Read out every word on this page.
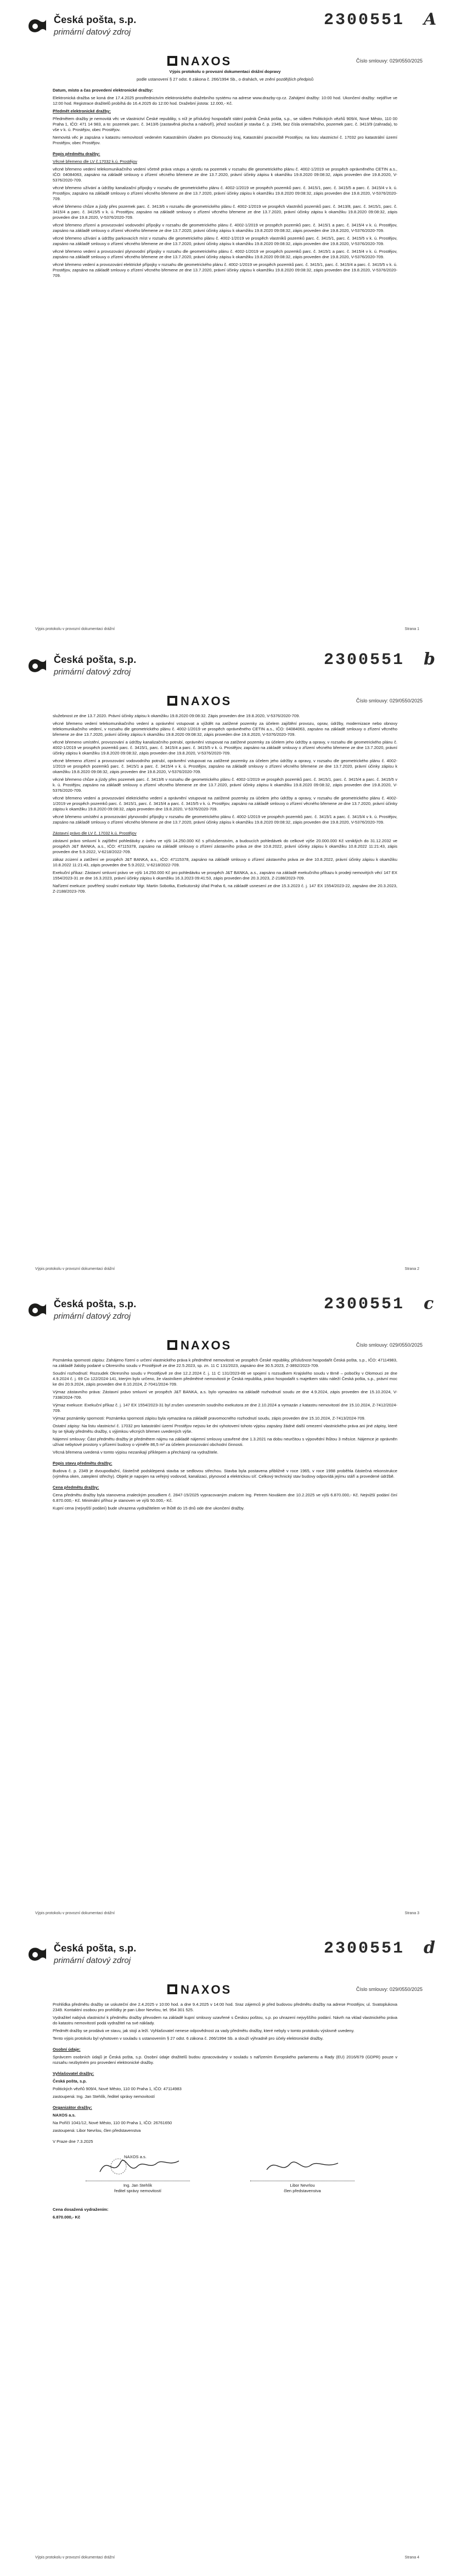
Česká pošta, s.p.
primární datový zdroj
2300551 A
NAXOS	Číslo smlouvy: 029/0550/2025

Výpis protokolu o provozní dokumentaci drážní dopravy

podle ustanovení § 27 odst. 6 zákona č. 266/1994 Sb., o drahách, ve znění pozdějších předpisů

Datum, místo a čas provedení elektronické dražby:

Elektronická dražba se koná dne 17.4.2025 prostřednictvím elektronického dražebního systému na adrese www.drazby-cp.cz. Zahájení dražby: 10:00 hod. Ukončení dražby: nejdříve ve 12:00 hod. Registrace dražitelů probíhá do 16.4.2025 do 12:00 hod. Dražební jistota: 12.000,- Kč.

Předmět elektronické dražby:

Předmětem dražby je nemovitá věc ve vlastnictví České republiky, s níž je příslušný hospodařit státní podnik Česká pošta, s.p., se sídlem Politických vězňů 909/4, Nové Město, 110 00 Praha 1, IČO: 471 14 983, a to: pozemek parc. č. 3413/6 (zastavěná plocha a nádvoří), jehož součástí je stavba č. p. 2349, bez čísla orientačního, pozemek parc. č. 3413/9 (zahrada), to vše v k. ú. Prostějov, obec Prostějov.

Nemovitá věc je zapsána v katastru nemovitostí vedeném Katastrálním úřadem pro Olomoucký kraj, Katastrální pracoviště Prostějov, na listu vlastnictví č. 17032 pro katastrální území Prostějov, obec Prostějov.

Popis předmětu dražby:

Věcné břemeno dle LV č.17032 k.ú. Prostějov

věcné břemeno vedení telekomunikačního vedení včetně práva vstupu a vjezdu na pozemek v rozsahu dle geometrického plánu č. 4002-1/2019 ve prospěch oprávněného CETIN a.s., IČO: 04084063, zapsáno na základě smlouvy o zřízení věcného břemene ze dne 13.7.2020, právní účinky zápisu k okamžiku 19.8.2020 09:08:32, zápis proveden dne 19.8.2020, V-5376/2020-709.

věcné břemeno užívání a údržby kanalizační přípojky v rozsahu dle geometrického plánu č. 4002-1/2019 ve prospěch pozemků parc. č. 3415/1, parc. č. 3415/5 a parc. č. 3415/4 v k. ú. Prostějov, zapsáno na základě smlouvy o zřízení věcného břemene ze dne 13.7.2020, právní účinky zápisu k okamžiku 19.8.2020 09:08:32, zápis proveden dne 19.8.2020, V-5376/2020-709.

věcné břemeno chůze a jízdy přes pozemek parc. č. 3413/6 v rozsahu dle geometrického plánu č. 4002-1/2019 ve prospěch vlastníků pozemků parc. č. 3413/8, parc. č. 3415/1, parc. č. 3415/4 a parc. č. 3415/5 v k. ú. Prostějov, zapsáno na základě smlouvy o zřízení věcného břemene ze dne 13.7.2020, právní účinky zápisu k okamžiku 19.8.2020 09:08:32, zápis proveden dne 19.8.2020, V-5376/2020-709.

věcné břemeno zřízení a provozování vodovodní přípojky v rozsahu dle geometrického plánu č. 4002-1/2019 ve prospěch pozemků parc. č. 3415/1 a parc. č. 3415/4 v k. ú. Prostějov, zapsáno na základě smlouvy o zřízení věcného břemene ze dne 13.7.2020, právní účinky zápisu k okamžiku 19.8.2020 09:08:32, zápis proveden dne 19.8.2020, V-5376/2020-709.

věcné břemeno užívání a údržby parkovacích míst v rozsahu dle geometrického plánu č. 4002-1/2019 ve prospěch vlastníků pozemků parc. č. 3415/1, parc. č. 3415/5 v k. ú. Prostějov, zapsáno na základě smlouvy o zřízení věcného břemene ze dne 13.7.2020, právní účinky zápisu k okamžiku 19.8.2020 09:08:32, zápis proveden dne 19.8.2020, V-5376/2020-709.

věcné břemeno vedení a provozování plynovodní přípojky v rozsahu dle geometrického plánu č. 4002-1/2019 ve prospěch pozemků parc. č. 3415/1 a parc. č. 3415/4 v k. ú. Prostějov, zapsáno na základě smlouvy o zřízení věcného břemene ze dne 13.7.2020, právní účinky zápisu k okamžiku 19.8.2020 09:08:32, zápis proveden dne 19.8.2020, V-5376/2020-709.

věcné břemeno vedení a provozování elektrické přípojky v rozsahu dle geometrického plánu č. 4002-1/2019 ve prospěch pozemků parc. č. 3415/1, parc. č. 3415/4 a parc. č. 3415/5 v k. ú. Prostějov, zapsáno na základě smlouvy o zřízení věcného břemene ze dne 13.7.2020, právní účinky zápisu k okamžiku 19.8.2020 09:08:32, zápis proveden dne 19.8.2020, V-5376/2020-709.

Výpis protokolu v provozní dokumentaci drážní	Strana 1
Česká pošta, s.p.
primární datový zdroj
2300551 b
NAXOS	Číslo smlouvy: 029/0550/2025

služebnost ze dne 13.7.2020. Právní účinky zápisu k okamžiku 19.8.2020 09:08:32. Zápis proveden dne 19.8.2020, V-5376/2020-709.

věcné břemeno vedení telekomunikačního vedení a oprávnění vstupovat a vjíždět na zatížené pozemky za účelem zajištění provozu, oprav, údržby, modernizace nebo obnovy telekomunikačního vedení, v rozsahu dle geometrického plánu č. 4002-1/2019 ve prospěch oprávněného CETIN a.s., IČO: 04084063, zapsáno na základě smlouvy o zřízení věcného břemene ze dne 13.7.2020, právní účinky zápisu k okamžiku 19.8.2020 09:08:32, zápis proveden dne 19.8.2020, V-5376/2020-709.

věcné břemeno umístění, provozování a údržby kanalizačního potrubí, oprávnění vstupovat na zatížené pozemky za účelem jeho údržby a opravy, v rozsahu dle geometrického plánu č. 4002-1/2019 ve prospěch pozemků parc. č. 3415/1, parc. č. 3415/4 a parc. č. 3415/5 v k. ú. Prostějov, zapsáno na základě smlouvy o zřízení věcného břemene ze dne 13.7.2020, právní účinky zápisu k okamžiku 19.8.2020 09:08:32, zápis proveden dne 19.8.2020, V-5376/2020-709.

věcné břemeno zřízení a provozování vodovodního potrubí, oprávnění vstupovat na zatížené pozemky za účelem jeho údržby a opravy, v rozsahu dle geometrického plánu č. 4002-1/2019 ve prospěch pozemků parc. č. 3415/1 a parc. č. 3415/4 v k. ú. Prostějov, zapsáno na základě smlouvy o zřízení věcného břemene ze dne 13.7.2020, právní účinky zápisu k okamžiku 19.8.2020 09:08:32, zápis proveden dne 19.8.2020, V-5376/2020-709.

věcné břemeno chůze a jízdy přes pozemek parc. č. 3413/6 v rozsahu dle geometrického plánu č. 4002-1/2019 ve prospěch pozemků parc. č. 3415/1, parc. č. 3415/4 a parc. č. 3415/5 v k. ú. Prostějov, zapsáno na základě smlouvy o zřízení věcného břemene ze dne 13.7.2020, právní účinky zápisu k okamžiku 19.8.2020 09:08:32, zápis proveden dne 19.8.2020, V-5376/2020-709.

věcné břemeno vedení a provozování elektrického vedení a oprávnění vstupovat na zatížené pozemky za účelem jeho údržby a opravy, v rozsahu dle geometrického plánu č. 4002-1/2019 ve prospěch pozemků parc. č. 3415/1, parc. č. 3415/4 a parc. č. 3415/5 v k. ú. Prostějov, zapsáno na základě smlouvy o zřízení věcného břemene ze dne 13.7.2020, právní účinky zápisu k okamžiku 19.8.2020 09:08:32, zápis proveden dne 19.8.2020, V-5376/2020-709.

věcné břemeno umístění a provozování plynovodní přípojky v rozsahu dle geometrického plánu č. 4002-1/2019 ve prospěch pozemků parc. č. 3415/1 a parc. č. 3415/4 v k. ú. Prostějov, zapsáno na základě smlouvy o zřízení věcného břemene ze dne 13.7.2020, právní účinky zápisu k okamžiku 19.8.2020 09:08:32, zápis proveden dne 19.8.2020, V-5376/2020-709.

Zástavní právo dle LV č. 17032 k.ú. Prostějov

zástavní právo smluvní k zajištění pohledávky z úvěru ve výši 14.250.000 Kč s příslušenstvím, a budoucích pohledávek do celkové výše 20.000.000 Kč vzniklých do 31.12.2032 ve prospěch J&T BANKA, a.s., IČO: 47115378, zapsáno na základě smlouvy o zřízení zástavního práva ze dne 10.8.2022, právní účinky zápisu k okamžiku 10.8.2022 11:21:43, zápis proveden dne 5.9.2022, V-6218/2022-709.

zákaz zcizení a zatížení ve prospěch J&T BANKA, a.s., IČO: 47115378, zapsáno na základě smlouvy o zřízení zástavního práva ze dne 10.8.2022, právní účinky zápisu k okamžiku 10.8.2022 11:21:43, zápis proveden dne 5.9.2022, V-6218/2022-709.

Exekuční příkaz: Zástavní smluvní právo ve výši 14.250.000 Kč pro pohledávku ve prospěch J&T BANKA, a.s., zapsáno na základě exekučního příkazu k prodeji nemovitých věcí 147 EX 1554/2023-31 ze dne 16.3.2023, právní účinky zápisu k okamžiku 16.3.2023 09:41:53, zápis proveden dne 20.3.2023, Z-2188/2023-709.

Nařízení exekuce: pověřený soudní exekutor Mgr. Martin Sobotka, Exekutorský úřad Praha 6, na základě usnesení ze dne 15.3.2023 č. j. 147 EX 1554/2023-22, zapsáno dne 20.3.2023, Z-2188/2023-709.

Výpis protokolu v provozní dokumentaci drážní	Strana 2
Česká pošta, s.p.
primární datový zdroj
2300551 c
NAXOS	Číslo smlouvy: 029/0550/2025

Poznámka spornosti zápisu: Zahájeno řízení o určení vlastnického práva k předmětné nemovitosti ve prospěch České republiky, příslušnost hospodařit Česká pošta, s.p., IČO: 47114983, na základě žaloby podané u Okresního soudu v Prostějově ze dne 22.5.2023, sp. zn. 11 C 131/2023, zapsáno dne 30.5.2023, Z-3892/2023-709.

Soudní rozhodnutí: Rozsudek Okresního soudu v Prostějově ze dne 12.2.2024 č. j. 11 C 131/2023-86 ve spojení s rozsudkem Krajského soudu v Brně – pobočky v Olomouci ze dne 4.9.2024 č. j. 69 Co 122/2024-141, kterým bylo určeno, že vlastníkem předmětné nemovitosti je Česká republika, právo hospodařit s majetkem státu náleží Česká pošta, s.p., právní moc ke dni 20.9.2024, zápis proveden dne 8.10.2024, Z-7041/2024-709.

Výmaz zástavního práva: Zástavní právo smluvní ve prospěch J&T BANKA, a.s. bylo vymazáno na základě rozhodnutí soudu ze dne 4.9.2024, zápis proveden dne 15.10.2024, V-7338/2024-709.

Výmaz exekuce: Exekuční příkaz č. j. 147 EX 1554/2023-31 byl zrušen usnesením soudního exekutora ze dne 2.10.2024 a vymazán z katastru nemovitostí dne 15.10.2024, Z-7412/2024-709.

Výmaz poznámky spornosti: Poznámka spornosti zápisu byla vymazána na základě pravomocného rozhodnutí soudu, zápis proveden dne 15.10.2024, Z-7413/2024-709.

Ostatní zápisy: Na listu vlastnictví č. 17032 pro katastrální území Prostějov nejsou ke dni vyhotovení tohoto výpisu zapsány žádné další omezení vlastnického práva ani jiné zápisy, které by se týkaly předmětu dražby, s výjimkou věcných břemen uvedených výše.

Nájemní smlouvy: Část předmětu dražby je předmětem nájmu na základě nájemní smlouvy uzavřené dne 1.3.2021 na dobu neurčitou s výpovědní lhůtou 3 měsíce. Nájemce je oprávněn užívat nebytové prostory v přízemí budovy o výměře 86,5 m² za účelem provozování obchodní činnosti.

Věcná břemena uvedená v tomto výpisu nezanikají příklepem a přecházejí na vydražitele.

Popis stavu předmětu dražby:

Budova č. p. 2349 je dvoupodlažní, částečně podsklepená stavba se sedlovou střechou. Stavba byla postavena přibližně v roce 1965, v roce 1998 proběhla částečná rekonstrukce (výměna oken, zateplení střechy). Objekt je napojen na veřejný vodovod, kanalizaci, plynovod a elektrickou síť. Celkový technický stav budovy odpovídá jejímu stáří a provedené údržbě.

Cena předmětu dražby:

Cena předmětu dražby byla stanovena znaleckým posudkem č. 2847-15/2025 vypracovaným znalcem Ing. Petrem Novákem dne 10.2.2025 ve výši 6.870.000,- Kč. Nejnižší podání činí 6.870.000,- Kč. Minimální příhoz je stanoven ve výši 50.000,- Kč.

Kupní cena (nejvyšší podání) bude uhrazena vydražitelem ve lhůtě do 15 dnů ode dne ukončení dražby.

Výpis protokolu v provozní dokumentaci drážní	Strana 3
Česká pošta, s.p.
primární datový zdroj
2300551 d
NAXOS	Číslo smlouvy: 029/0550/2025

Prohlídka předmětu dražby se uskuteční dne 2.4.2025 v 10:00 hod. a dne 9.4.2025 v 14:00 hod. Sraz zájemců je před budovou předmětu dražby na adrese Prostějov, ul. Svatoplukova 2349. Kontaktní osobou pro prohlídky je pan Libor Nevrlou, tel. 954 301 525.

Vydražitel nabývá vlastnictví k předmětu dražby převodem na základě kupní smlouvy uzavřené s Českou poštou, s.p. po uhrazení nejvyššího podání. Návrh na vklad vlastnického práva do katastru nemovitostí podá vydražitel na své náklady.

Předmět dražby se prodává ve stavu, jak stojí a leží. Vyhlašovatel nenese odpovědnost za vady předmětu dražby, které nebyly v tomto protokolu výslovně uvedeny.

Tento výpis protokolu byl vyhotoven v souladu s ustanovením § 27 odst. 6 zákona č. 266/1994 Sb. a slouží výhradně pro účely elektronické dražby.

Osobní údaje:

Správcem osobních údajů je Česká pošta, s.p. Osobní údaje dražitelů budou zpracovávány v souladu s nařízením Evropského parlamentu a Rady (EU) 2016/679 (GDPR) pouze v rozsahu nezbytném pro provedení elektronické dražby.

Vyhlašovatel dražby:

Česká pošta, s.p.

Politických vězňů 909/4, Nové Město, 110 00 Praha 1, IČO: 47114983

zastoupená: Ing. Jan Stehlík, ředitel správy nemovitostí

Organizátor dražby:

NAXOS a.s.

Na Poříčí 1041/12, Nové Město, 110 00 Praha 1, IČO: 26761650

zastoupená: Libor Nevrlou, člen představenstva

V Praze dne 7.3.2025

NAXOS a.s.
Ing. Jan Stehlík
ředitel správy nemovitostí
Libor Nevrlou
člen představenstva

Cena dosažená vydražením:

6.870.000,- Kč

Výpis protokolu v provozní dokumentaci drážní	Strana 4
